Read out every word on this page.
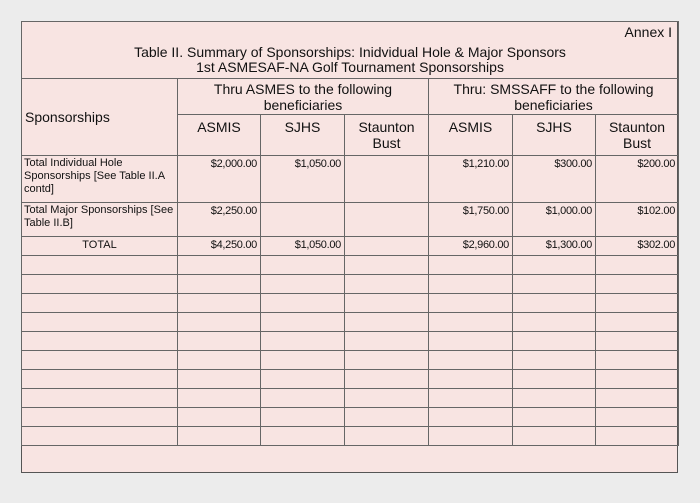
Annex I						

Table II. Summary of Sponsorships: Inidvidual Hole & Major Sponsors
1st ASMESAF-NA Golf Tournament Sponsorships						

Sponsorships	Thru ASMES to the following beneficiaries			Thru: SMSSAFF to the following beneficiaries		
	ASMIS	SJHS	Staunton Bust	ASMIS	SJHS	Staunton Bust
Total Individual Hole Sponsorships [See Table II.A contd]	$2,000.00	$1,050.00		$1,210.00	$300.00	$200.00
Total Major Sponsorships [See Table II.B]	$2,250.00			$1,750.00	$1,000.00	$102.00
TOTAL	$4,250.00	$1,050.00		$2,960.00	$1,300.00	$302.00
